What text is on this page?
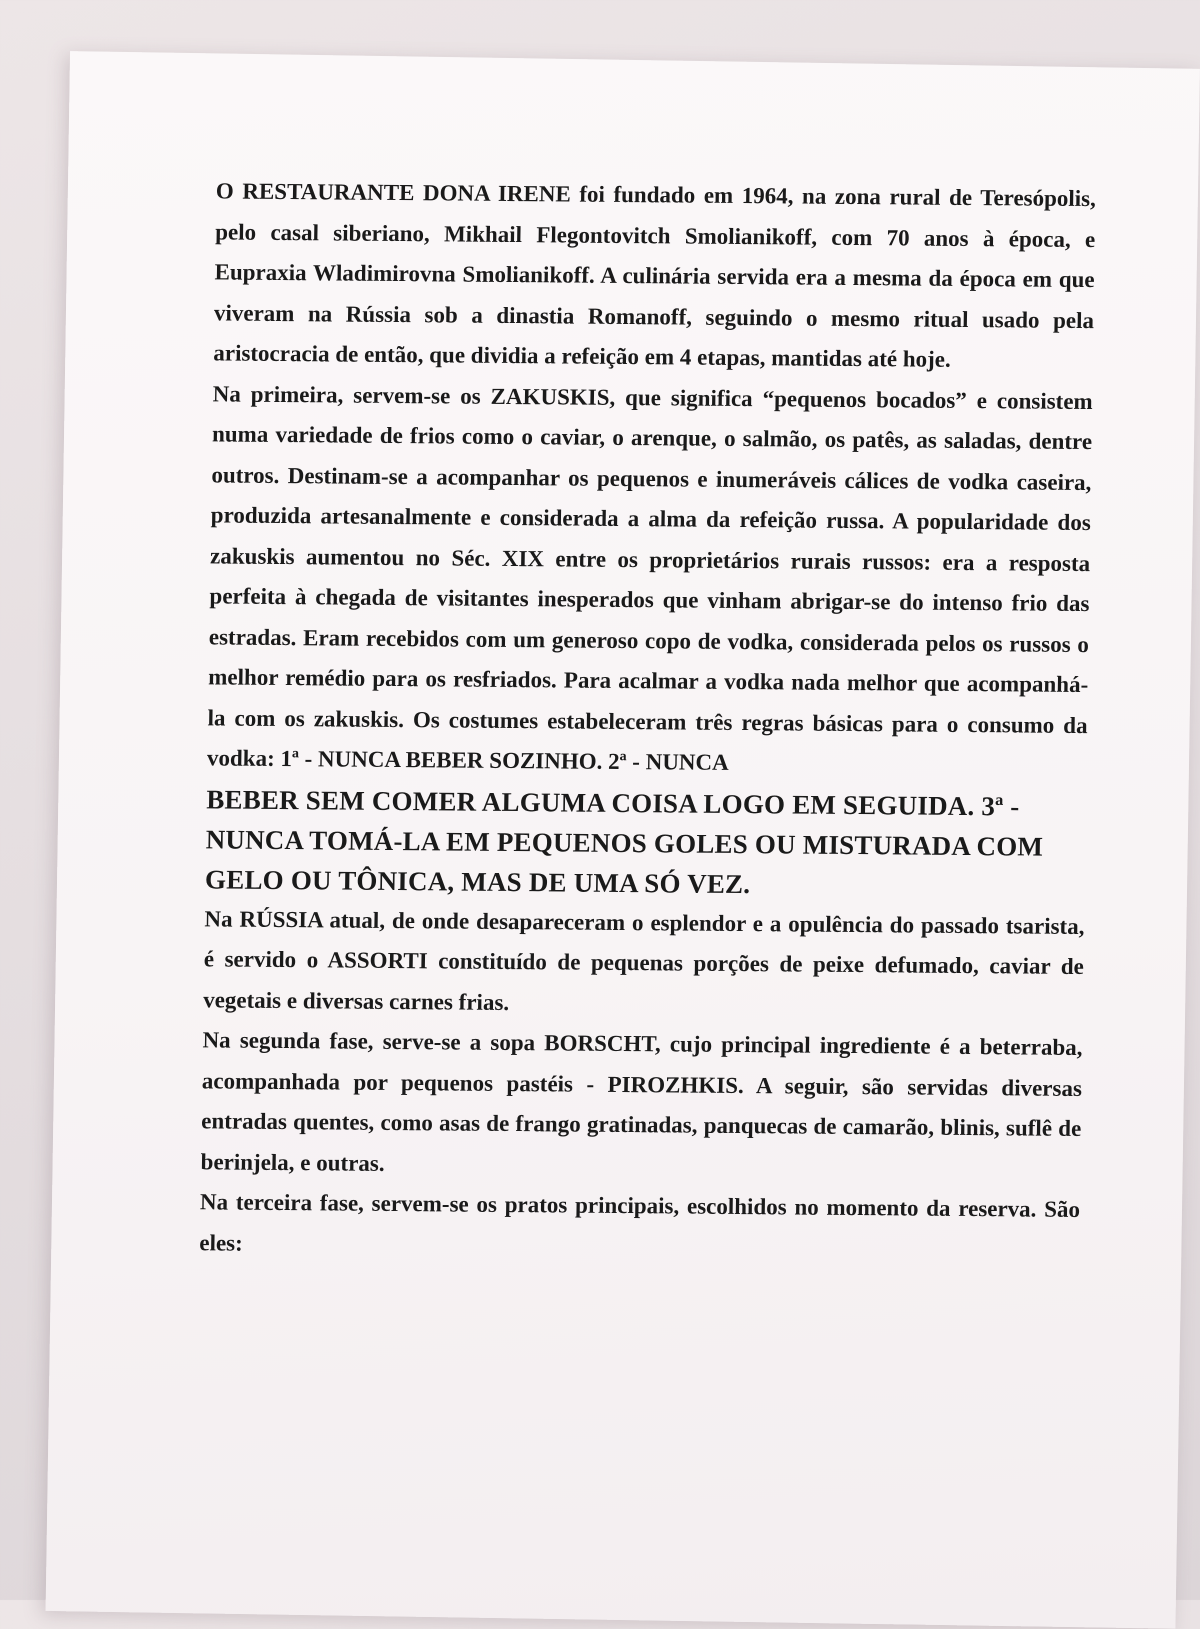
O RESTAURANTE DONA IRENE foi fundado em 1964, na zona rural de Teresópolis, pelo casal siberiano, Mikhail Flegontovitch Smolianikoff, com 70 anos à época, e Eupraxia Wladimirovna Smolianikoff. A culinária servida era a mesma da época em que viveram na Rússia sob a dinastia Romanoff, seguindo o mesmo ritual usado pela aristocracia de então, que dividia a refeição em 4 etapas, mantidas até hoje.

Na primeira, servem-se os ZAKUSKIS, que significa “pequenos bocados” e consistem numa variedade de frios como o caviar, o arenque, o salmão, os patês, as saladas, dentre outros. Destinam-se a acompanhar os pequenos e inumeráveis cálices de vodka caseira, produzida artesanalmente e considerada a alma da refeição russa. A popularidade dos zakuskis aumentou no Séc. XIX entre os proprietários rurais russos: era a resposta perfeita à chegada de visitantes inesperados que vinham abrigar-se do intenso frio das estradas. Eram recebidos com um generoso copo de vodka, considerada pelos os russos o melhor remédio para os resfriados. Para acalmar a vodka nada melhor que acompanhá-la com os zakuskis. Os costumes estabeleceram três regras básicas para o consumo da vodka: 1ª - NUNCA BEBER SOZINHO. 2ª - NUNCA

BEBER SEM COMER ALGUMA COISA LOGO EM SEGUIDA. 3ª -
NUNCA TOMÁ-LA EM PEQUENOS GOLES OU MISTURADA COM
GELO OU TÔNICA, MAS DE UMA SÓ VEZ.

Na RÚSSIA atual, de onde desapareceram o esplendor e a opulência do passado tsarista, é servido o ASSORTI constituído de pequenas porções de peixe defumado, caviar de vegetais e diversas carnes frias.

Na segunda fase, serve-se a sopa BORSCHT, cujo principal ingrediente é a beterraba, acompanhada por pequenos pastéis - PIROZHKIS. A seguir, são servidas diversas entradas quentes, como asas de frango gratinadas, panquecas de camarão, blinis, suflê de berinjela, e outras.

Na terceira fase, servem-se os pratos principais, escolhidos no momento da reserva. São eles:
